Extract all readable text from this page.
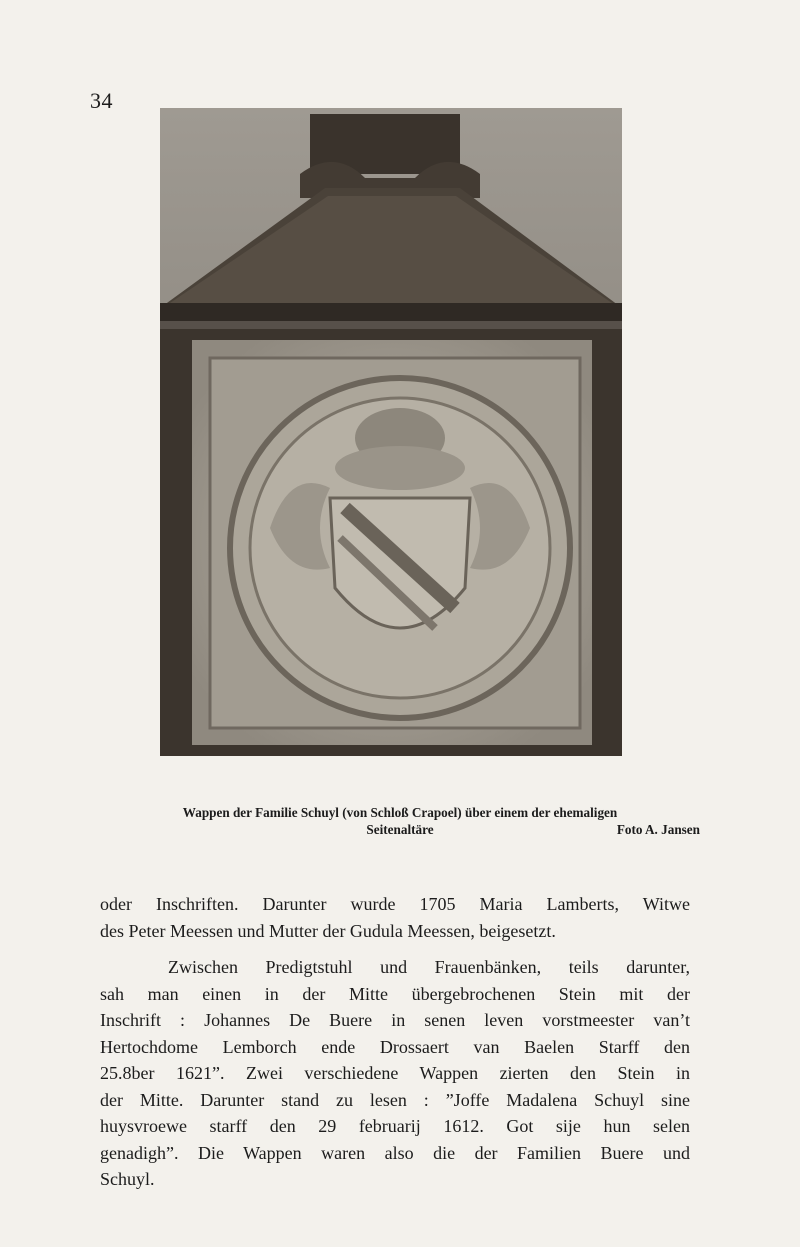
34
Wappen der Familie Schuyl (von Schloß Crapoel) über einem der ehemaligen
Seitenaltäre	Foto A. Jansen

oder Inschriften. Darunter wurde 1705 Maria Lamberts, Witwe
des Peter Meessen und Mutter der Gudula Meessen, beigesetzt.

Zwischen Predigtstuhl und Frauenbänken, teils darunter,
sah man einen in der Mitte übergebrochenen Stein mit der
Inschrift : Johannes De Buere in senen leven vorstmeester van’t
Hertochdome Lemborch ende Drossaert van Baelen Starff den
25.8ber 1621”. Zwei verschiedene Wappen zierten den Stein in
der Mitte. Darunter stand zu lesen : ”Joffe Madalena Schuyl sine
huysvroewe starff den 29 februarij 1612. Got sije hun selen
genadigh”. Die Wappen waren also die der Familien Buere und
Schuyl.
